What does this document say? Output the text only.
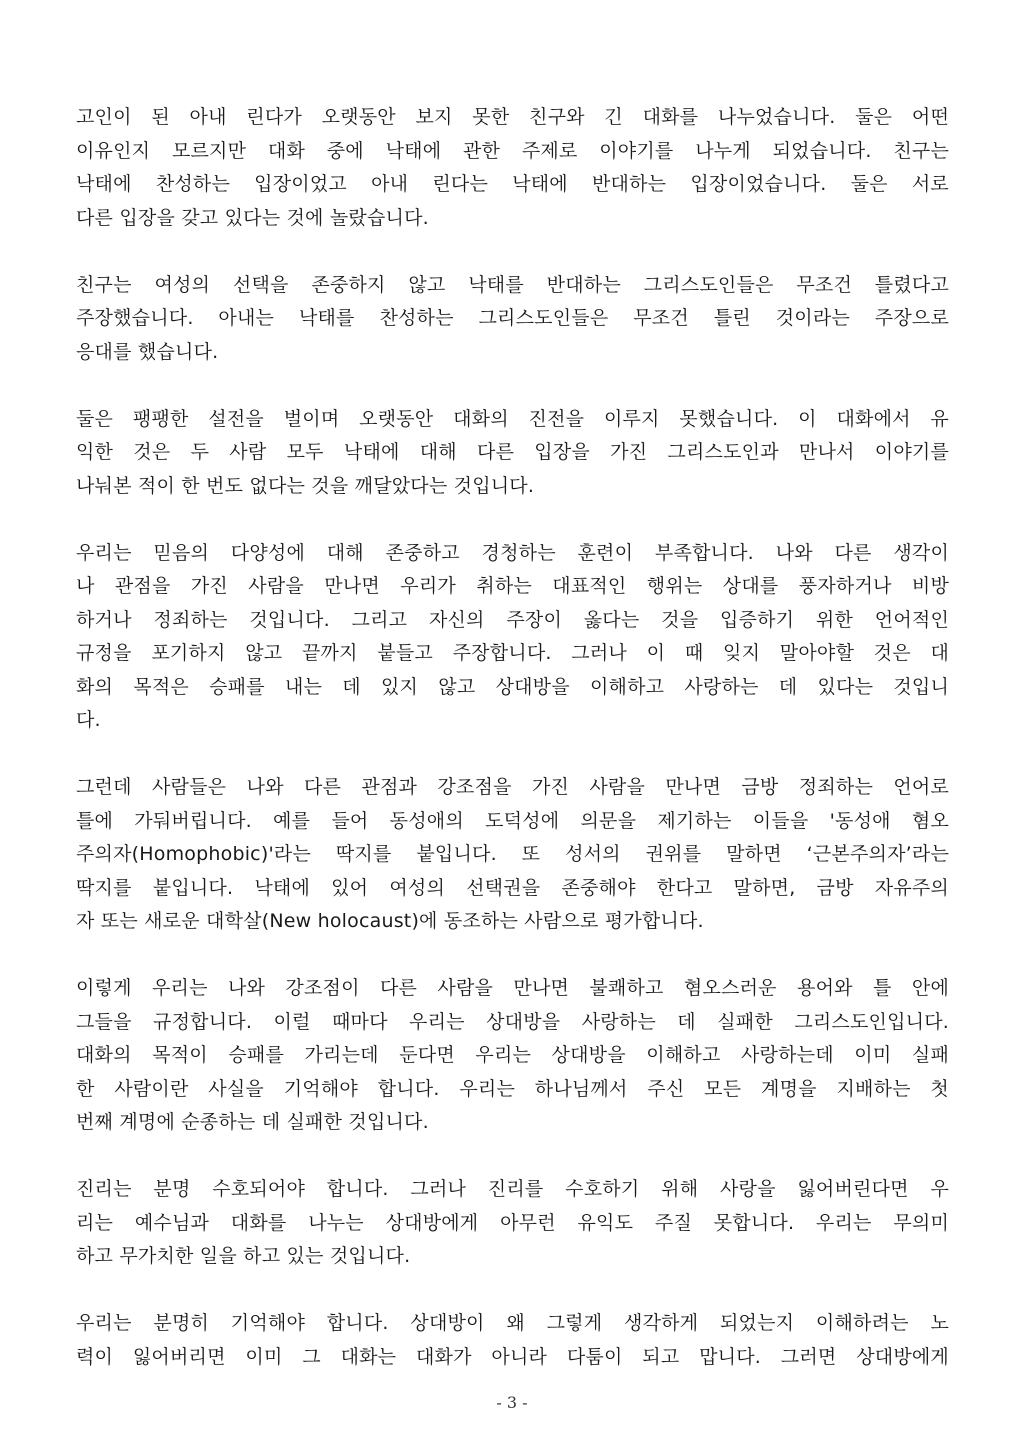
고인이 된 아내 린다가 오랫동안 보지 못한 친구와 긴 대화를 나누었습니다. 둘은 어떤
이유인지 모르지만 대화 중에 낙태에 관한 주제로 이야기를 나누게 되었습니다. 친구는
낙태에 찬성하는 입장이었고 아내 린다는 낙태에 반대하는 입장이었습니다. 둘은 서로
다른 입장을 갖고 있다는 것에 놀랐습니다.
친구는 여성의 선택을 존중하지 않고 낙태를 반대하는 그리스도인들은 무조건 틀렸다고
주장했습니다. 아내는 낙태를 찬성하는 그리스도인들은 무조건 틀린 것이라는 주장으로
응대를 했습니다.
둘은 팽팽한 설전을 벌이며 오랫동안 대화의 진전을 이루지 못했습니다. 이 대화에서 유
익한 것은 두 사람 모두 낙태에 대해 다른 입장을 가진 그리스도인과 만나서 이야기를
나눠본 적이 한 번도 없다는 것을 깨달았다는 것입니다.
우리는 믿음의 다양성에 대해 존중하고 경청하는 훈련이 부족합니다. 나와 다른 생각이
나 관점을 가진 사람을 만나면 우리가 취하는 대표적인 행위는 상대를 풍자하거나 비방
하거나 정죄하는 것입니다. 그리고 자신의 주장이 옳다는 것을 입증하기 위한 언어적인
규정을 포기하지 않고 끝까지 붙들고 주장합니다. 그러나 이 때 잊지 말아야할 것은 대
화의 목적은 승패를 내는 데 있지 않고 상대방을 이해하고 사랑하는 데 있다는 것입니
다.
그런데 사람들은 나와 다른 관점과 강조점을 가진 사람을 만나면 금방 정죄하는 언어로
틀에 가둬버립니다. 예를 들어 동성애의 도덕성에 의문을 제기하는 이들을 '동성애 혐오
주의자(Homophobic)'라는 딱지를 붙입니다. 또 성서의 권위를 말하면 ‘근본주의자’라는
딱지를 붙입니다. 낙태에 있어 여성의 선택권을 존중해야 한다고 말하면, 금방 자유주의
자 또는 새로운 대학살(New holocaust)에 동조하는 사람으로 평가합니다.
이렇게 우리는 나와 강조점이 다른 사람을 만나면 불쾌하고 혐오스러운 용어와 틀 안에
그들을 규정합니다. 이럴 때마다 우리는 상대방을 사랑하는 데 실패한 그리스도인입니다.
대화의 목적이 승패를 가리는데 둔다면 우리는 상대방을 이해하고 사랑하는데 이미 실패
한 사람이란 사실을 기억해야 합니다. 우리는 하나님께서 주신 모든 계명을 지배하는 첫
번째 계명에 순종하는 데 실패한 것입니다.
진리는 분명 수호되어야 합니다. 그러나 진리를 수호하기 위해 사랑을 잃어버린다면 우
리는 예수님과 대화를 나누는 상대방에게 아무런 유익도 주질 못합니다. 우리는 무의미
하고 무가치한 일을 하고 있는 것입니다.
우리는 분명히 기억해야 합니다. 상대방이 왜 그렇게 생각하게 되었는지 이해하려는 노
력이 잃어버리면 이미 그 대화는 대화가 아니라 다툼이 되고 맙니다. 그러면 상대방에게
- 3 -
